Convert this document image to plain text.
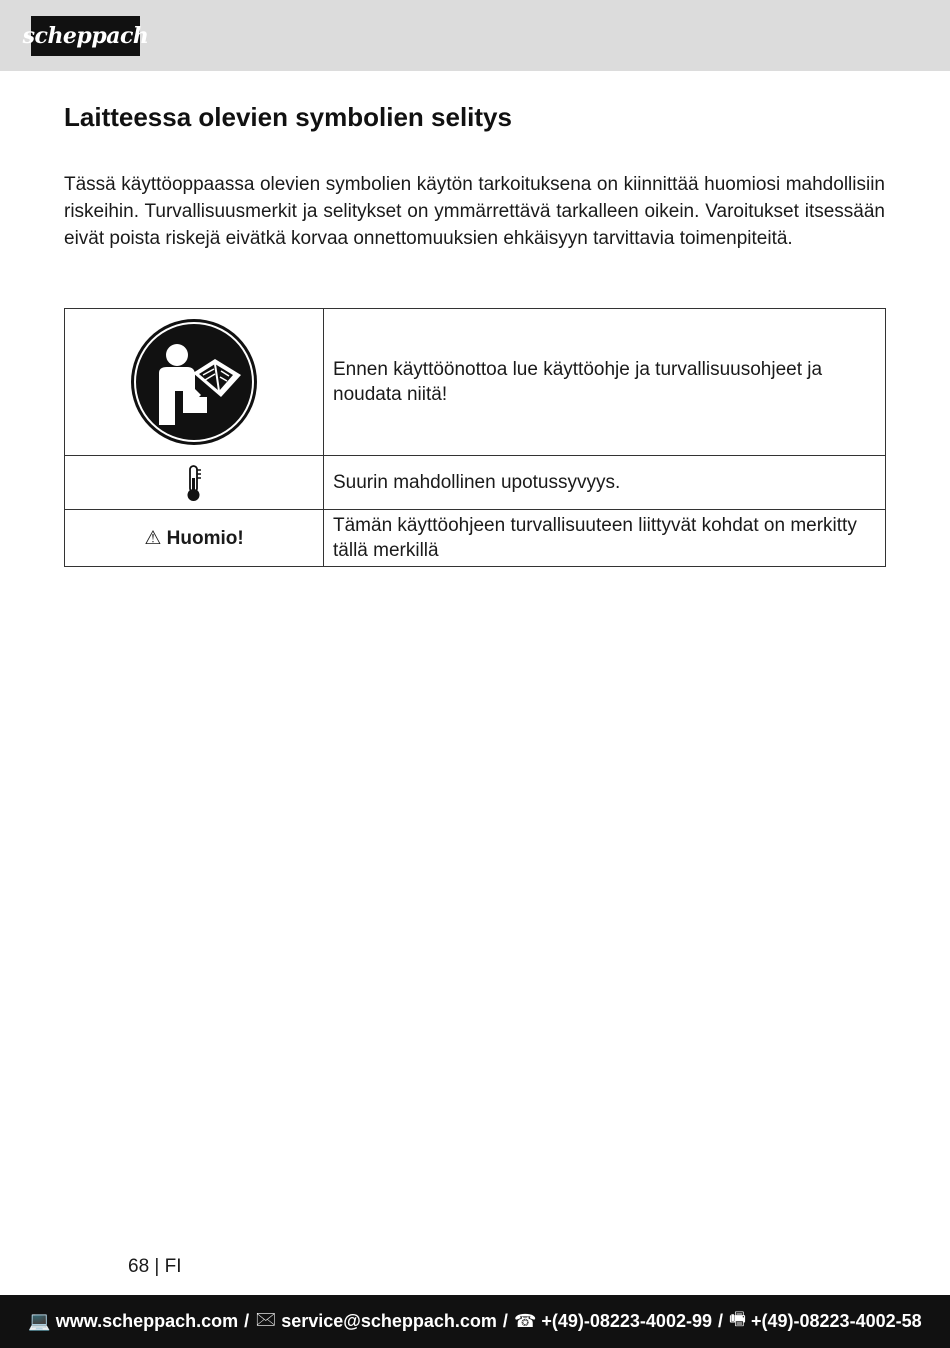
scheppach
Laitteessa olevien symbolien selitys

Tässä käyttöoppaassa olevien symbolien käytön tarkoituksena on kiinnittää huomiosi mahdollisiin riskeihin. Turvallisuusmerkit ja selitykset on ymmärrettävä tarkalleen oikein. Varoitukset itsessään eivät poista riskejä eivätkä korvaa onnettomuuksien ehkäisyyn tarvittavia toimenpiteitä.

	Ennen käyttöönottoa lue käyttöohje ja turvallisuusohjeet ja noudata niitä!

	Suurin mahdollinen upotussyvyys.
⚠ Huomio!	Tämän käyttöohjeen turvallisuuteen liittyvät kohdat on merkitty tällä merkillä
68 | FI
💻 www.scheppach.com / 🖂 service@scheppach.com / ☎ +(49)-08223-4002-99 / 🖷 +(49)-08223-4002-58
